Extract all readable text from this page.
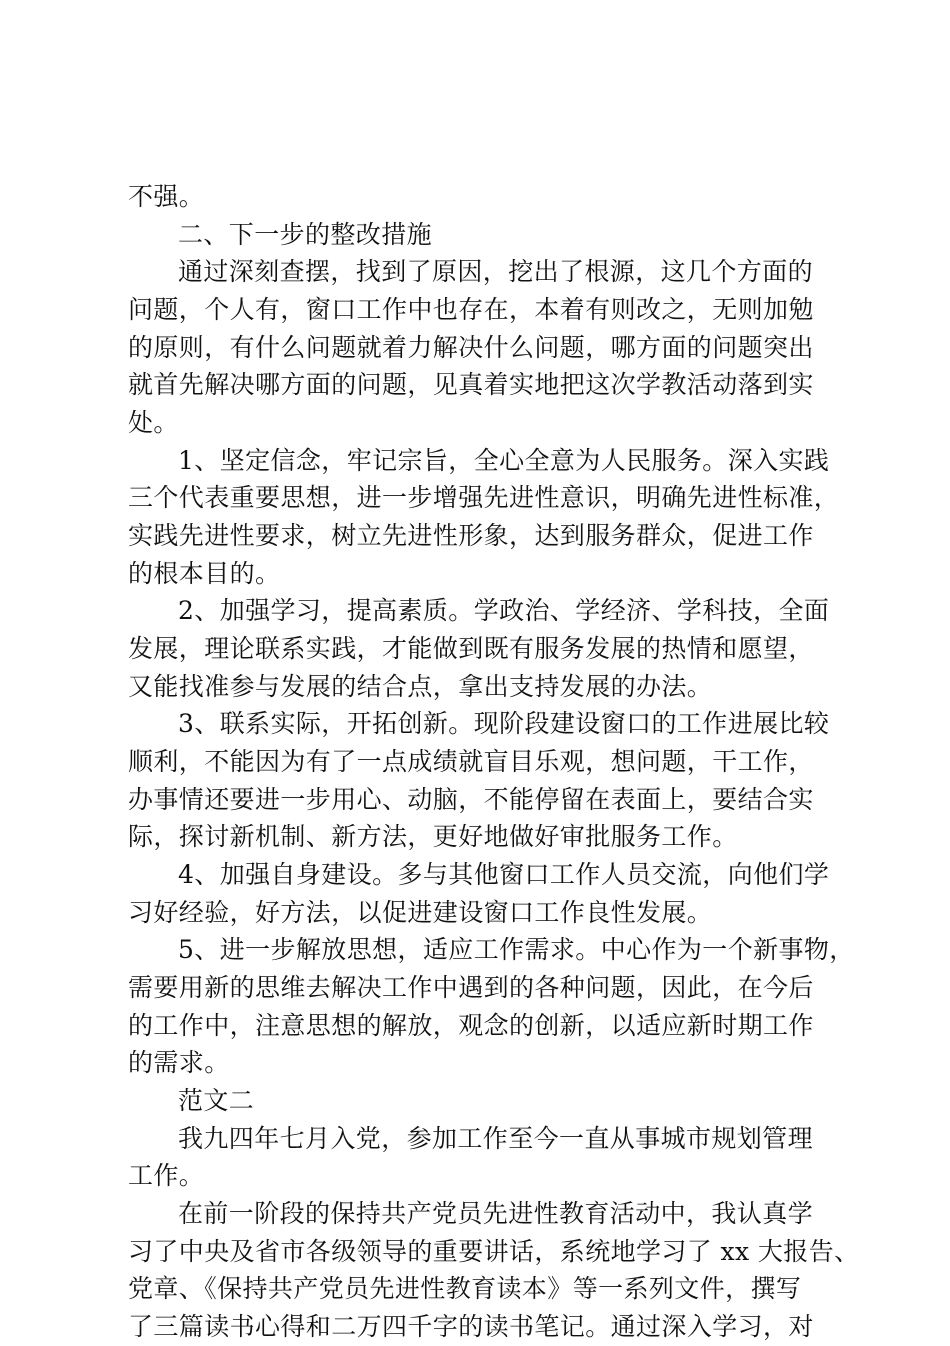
不强。
二、下一步的整改措施
通过深刻查摆，找到了原因，挖出了根源，这几个方面的
问题，个人有，窗口工作中也存在，本着有则改之，无则加勉
的原则，有什么问题就着力解决什么问题，哪方面的问题突出
就首先解决哪方面的问题，见真着实地把这次学教活动落到实
处。
1、坚定信念，牢记宗旨，全心全意为人民服务。深入实践
三个代表重要思想，进一步增强先进性意识，明确先进性标准，
实践先进性要求，树立先进性形象，达到服务群众，促进工作
的根本目的。
2、加强学习，提高素质。学政治、学经济、学科技，全面
发展，理论联系实践，才能做到既有服务发展的热情和愿望，
又能找准参与发展的结合点，拿出支持发展的办法。
3、联系实际，开拓创新。现阶段建设窗口的工作进展比较
顺利，不能因为有了一点成绩就盲目乐观，想问题，干工作，
办事情还要进一步用心、动脑，不能停留在表面上，要结合实
际，探讨新机制、新方法，更好地做好审批服务工作。
4、加强自身建设。多与其他窗口工作人员交流，向他们学
习好经验，好方法，以促进建设窗口工作良性发展。
5、进一步解放思想，适应工作需求。中心作为一个新事物，
需要用新的思维去解决工作中遇到的各种问题，因此，在今后
的工作中，注意思想的解放，观念的创新，以适应新时期工作
的需求。
范文二
我九四年七月入党，参加工作至今一直从事城市规划管理
工作。
在前一阶段的保持共产党员先进性教育活动中，我认真学
习了中央及省市各级领导的重要讲话，系统地学习了 xx 大报告、
党章、《保持共产党员先进性教育读本》等一系列文件，撰写
了三篇读书心得和二万四千字的读书笔记。通过深入学习，对
